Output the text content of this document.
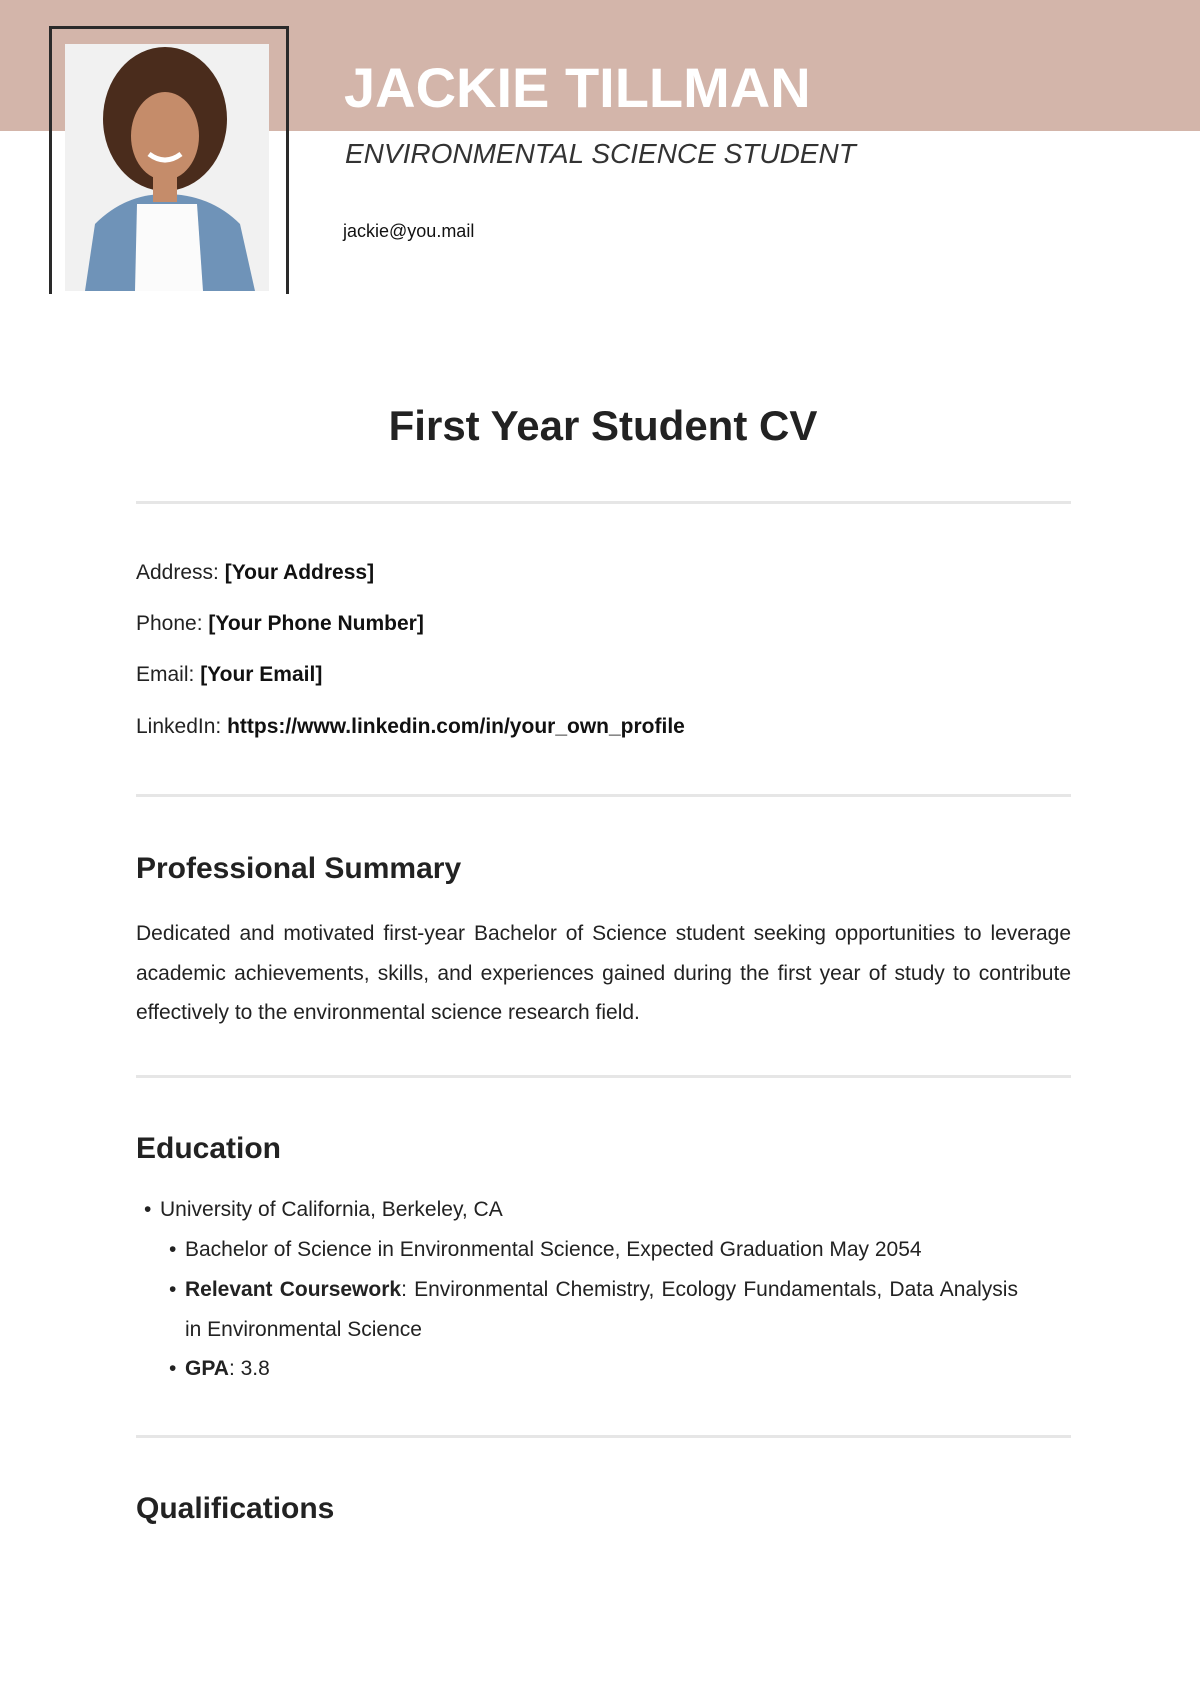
JACKIE TILLMAN
ENVIRONMENTAL SCIENCE STUDENT
jackie@you.mail
First Year Student CV
Address: [Your Address]
Phone: [Your Phone Number]
Email: [Your Email]
LinkedIn: https://www.linkedin.com/in/your_own_profile
Professional Summary
Dedicated and motivated first-year Bachelor of Science student seeking opportunities to leverage academic achievements, skills, and experiences gained during the first year of study to contribute effectively to the environmental science research field.
Education
• University of California, Berkeley, CA
• Bachelor of Science in Environmental Science, Expected Graduation May 2054
• Relevant Coursework: Environmental Chemistry, Ecology Fundamentals, Data Analysis in Environmental Science
• GPA: 3.8
Qualifications
